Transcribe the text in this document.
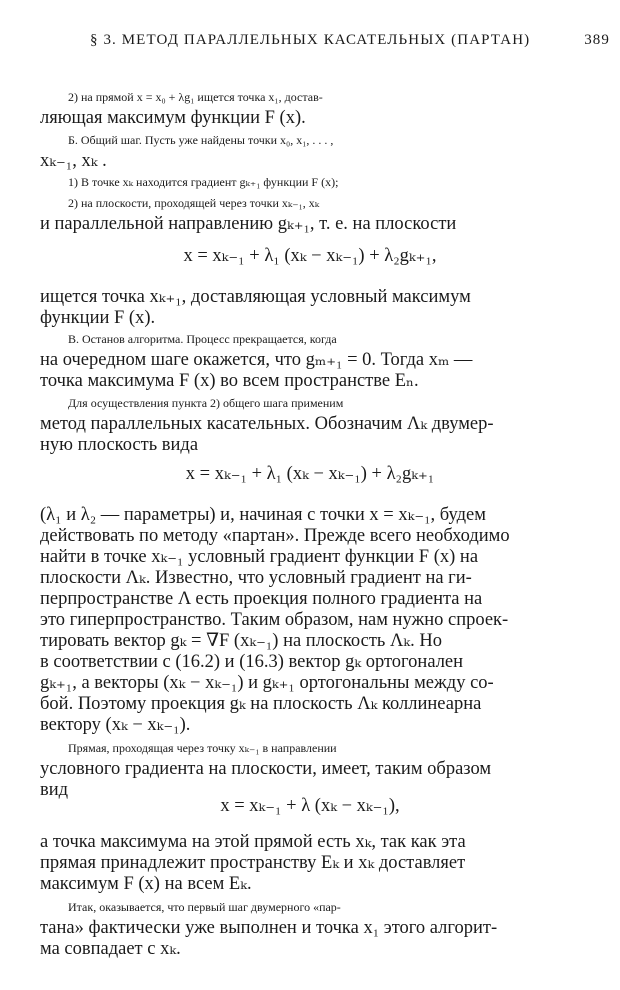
§ 3. МЕТОД ПАРАЛЛЕЛЬНЫХ КАСАТЕЛЬНЫХ (ПАРТАН)	389
2) на прямой x = x₀ + λg₁ ищется точка x₁, достав-
ляющая максимум функции F (x).
Б. Общий шаг. Пусть уже найдены точки x₀, x₁, . . . ,
xₖ₋₁, xₖ .
1) В точке xₖ находится градиент gₖ₊₁ функции F (x);
2) на плоскости, проходящей через точки xₖ₋₁, xₖ
и параллельной направлению gₖ₊₁, т. е. на плоскости
x = xₖ₋₁ + λ₁ (xₖ − xₖ₋₁) + λ₂gₖ₊₁,
ищется точка xₖ₊₁, доставляющая условный максимум
функции F (x).
В. Останов алгоритма. Процесс прекращается, когда
на очередном шаге окажется, что gₘ₊₁ = 0. Тогда xₘ —
точка максимума F (x) во всем пространстве Eₙ.
Для осуществления пункта 2) общего шага применим
метод параллельных касательных. Обозначим Λₖ двумер-
ную плоскость вида
x = xₖ₋₁ + λ₁ (xₖ − xₖ₋₁) + λ₂gₖ₊₁
(λ₁ и λ₂ — параметры) и, начиная с точки x = xₖ₋₁, будем
действовать по методу «партан». Прежде всего необходимо
найти в точке xₖ₋₁ условный градиент функции F (x) на
плоскости Λₖ. Известно, что условный градиент на ги-
перпространстве Λ есть проекция полного градиента на
это гиперпространство. Таким образом, нам нужно спроек-
тировать вектор gₖ = ∇F (xₖ₋₁) на плоскость Λₖ. Но
в соответствии с (16.2) и (16.3) вектор gₖ ортогонален
gₖ₊₁, а векторы (xₖ − xₖ₋₁) и gₖ₊₁ ортогональны между со-
бой. Поэтому проекция gₖ на плоскость Λₖ коллинеарна
вектору (xₖ − xₖ₋₁).
Прямая, проходящая через точку xₖ₋₁ в направлении
условного градиента на плоскости, имеет, таким образом
вид
x = xₖ₋₁ + λ (xₖ − xₖ₋₁),
а точка максимума на этой прямой есть xₖ, так как эта
прямая принадлежит пространству Eₖ и xₖ доставляет
максимум F (x) на всем Eₖ.
Итак, оказывается, что первый шаг двумерного «пар-
тана» фактически уже выполнен и точка x₁ этого алгорит-
ма совпадает с xₖ.
